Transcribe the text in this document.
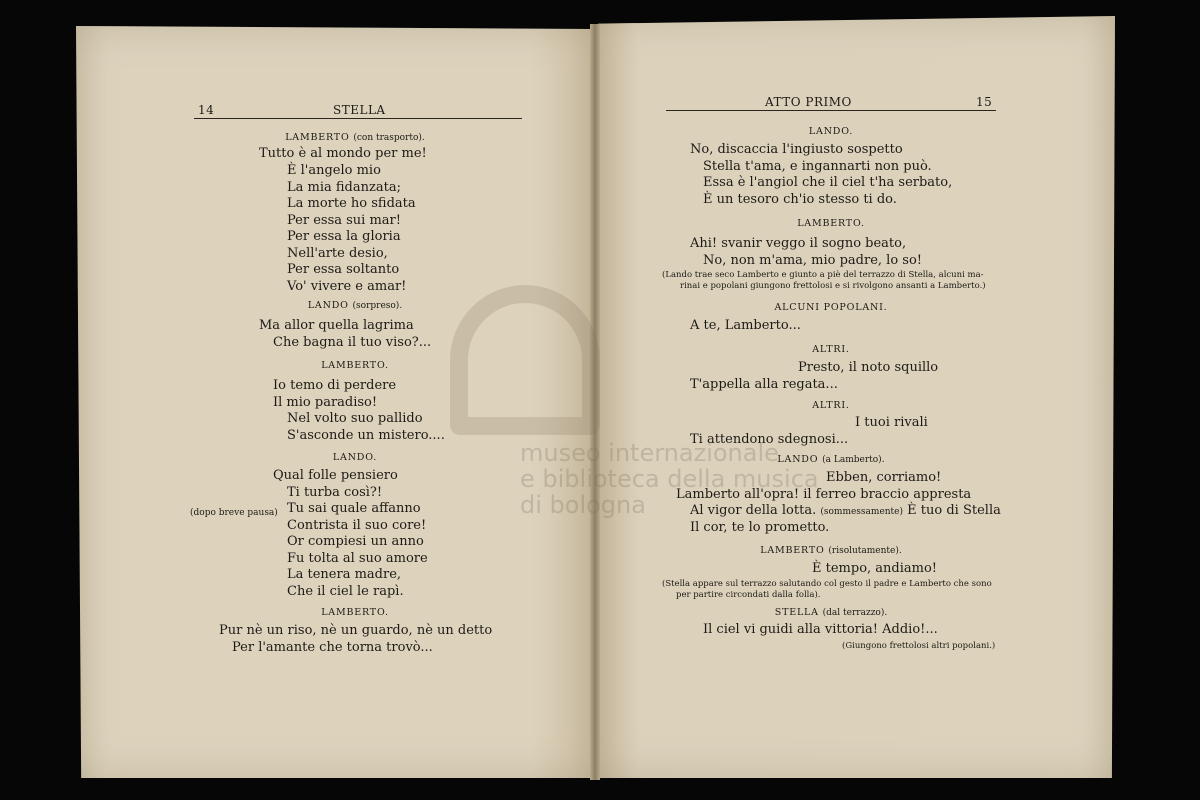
museo internazionale
e biblioteca della musica
di bologna
14	STELLA
LAMBERTO (con trasporto).
Tutto è al mondo per me!
È l'angelo mio
La mia fidanzata;
La morte ho sfidata
Per essa sui mar!
Per essa la gloria
Nell'arte desio,
Per essa soltanto
Vo' vivere e amar!
LANDO (sorpreso).
Ma allor quella lagrima
Che bagna il tuo viso?...
LAMBERTO.
Io temo di perdere
Il mio paradiso!
Nel volto suo pallido
S'asconde un mistero....
LANDO.
Qual folle pensiero
Ti turba così?!
(dopo breve pausa) Tu sai quale affanno
Contrista il suo core!
Or compiesi un anno
Fu tolta al suo amore
La tenera madre,
Che il ciel le rapì.
LAMBERTO.
Pur nè un riso, nè un guardo, nè un detto
Per l'amante che torna trovò...
ATTO PRIMO	15
LANDO.
No, discaccia l'ingiusto sospetto
Stella t'ama, e ingannarti non può.
Essa è l'angiol che il ciel t'ha serbato,
È un tesoro ch'io stesso ti do.
LAMBERTO.
Ahi! svanir veggo il sogno beato,
No, non m'ama, mio padre, lo so!
(Lando trae seco Lamberto e giunto a piè del terrazzo di Stella, alcuni ma-
rinai e popolani giungono frettolosi e si rivolgono ansanti a Lamberto.)
ALCUNI POPOLANI.
A te, Lamberto...
ALTRI.
Presto, il noto squillo
T'appella alla regata...
ALTRI.
I tuoi rivali
Ti attendono sdegnosi...
LANDO (a Lamberto).
Ebben, corriamo!
Lamberto all'opra! il ferreo braccio appresta
Al vigor della lotta. (sommessamente) È tuo di Stella
Il cor, te lo prometto.
LAMBERTO (risolutamente).
È tempo, andiamo!
(Stella appare sul terrazzo salutando col gesto il padre e Lamberto che sono
per partire circondati dalla folla).
STELLA (dal terrazzo).
Il ciel vi guidi alla vittoria! Addio!...
(Giungono frettolosi altri popolani.)
